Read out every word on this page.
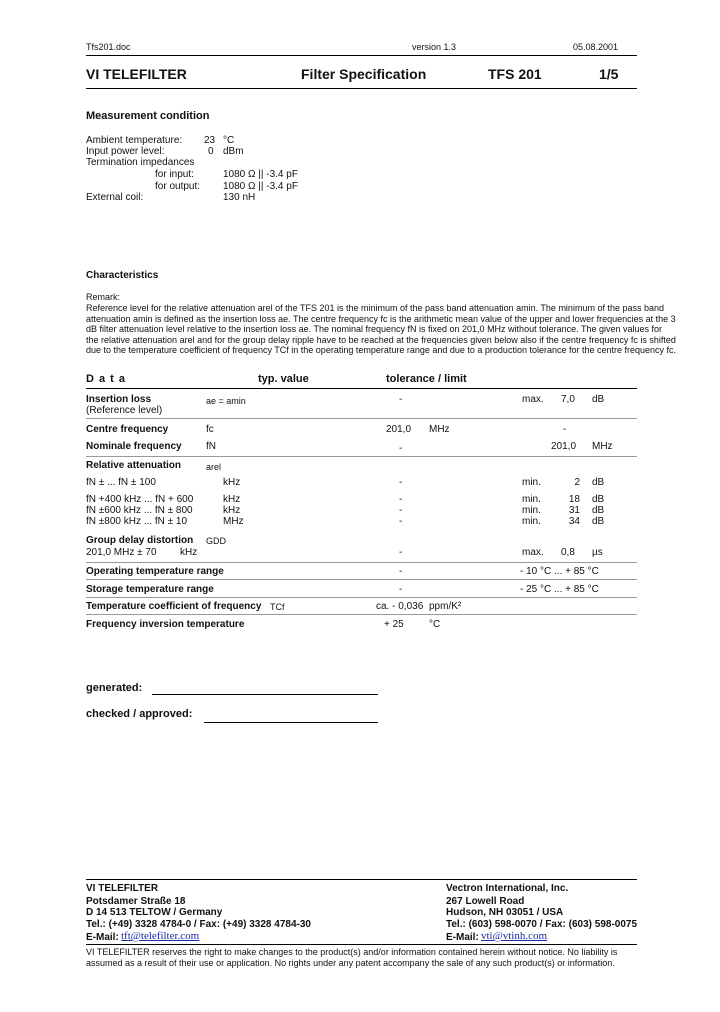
Tfs201.doc	version 1.3	05.08.2001
VI TELEFILTER	Filter Specification	TFS 201	1/5
Measurement condition
Ambient temperature: 23 °C
Input power level:	0 dBm
Termination impedances
for input:	1080 Ω || -3.4 pF
for output: 1080 Ω || -3.4 pF
External coil:	130 nH
Characteristics
Remark:
Reference level for the relative attenuation arel of the TFS 201 is the minimum of the pass band attenuation amin. The minimum of the pass band
attenuation amin is defined as the insertion loss ae. The centre frequency fc is the arithmetic mean value of the upper and lower frequencies at the 3
dB filter attenuation level relative to the insertion loss ae. The nominal frequency fN is fixed on 201,0 MHz without tolerance. The given values for
the relative attenuation arel and for the group delay ripple have to be reached at the frequencies given below also if the centre frequency fc is shifted
due to the temperature coefficient of frequency TCf in the operating temperature range and due to a production tolerance for the centre frequency fc.
D a t a	typ. value	tolerance / limit
Insertion loss
(Reference level)
ae = amin	-	max. 7,0 dB
Centre frequency	fc	201,0 MHz	-
Nominale frequency fN	-	201,0 MHz
Relative attenuation	arel
fN ± ... fN ± 100	kHz	-	min.	2 dB
fN +400 kHz ... fN + 600	kHz	-	min.	18 dB
fN ±600 kHz ... fN ± 800	kHz	-	min.	31 dB
fN ±800 kHz ... fN ± 10	MHz	-	min.	34 dB
Group delay distortion GDD
201,0 MHz ± 70 kHz	-	max. 0,8 µs
Operating temperature range	-	- 10 °C ... + 85 °C
Storage temperature range	-	- 25 °C ... + 85 °C
Temperature coefficient of frequency TCf	ca. - 0,036 ppm/K²
Frequency inversion temperature	+ 25	°C
generated:
checked / approved:
VI TELEFILTER
Potsdamer Straße 18
D 14 513 TELTOW / Germany
Tel.: (+49) 3328 4784-0 / Fax: (+49) 3328 4784-30
E-Mail: tft@telefilter.com
Vectron International, Inc.
267 Lowell Road
Hudson, NH 03051 / USA
Tel.: (603) 598-0070 / Fax: (603) 598-0075
E-Mail: vti@vtinh.com
VI TELEFILTER reserves the right to make changes to the product(s) and/or information contained herein without notice. No liability is
assumed as a result of their use or application. No rights under any patent accompany the sale of any such product(s) or information.
